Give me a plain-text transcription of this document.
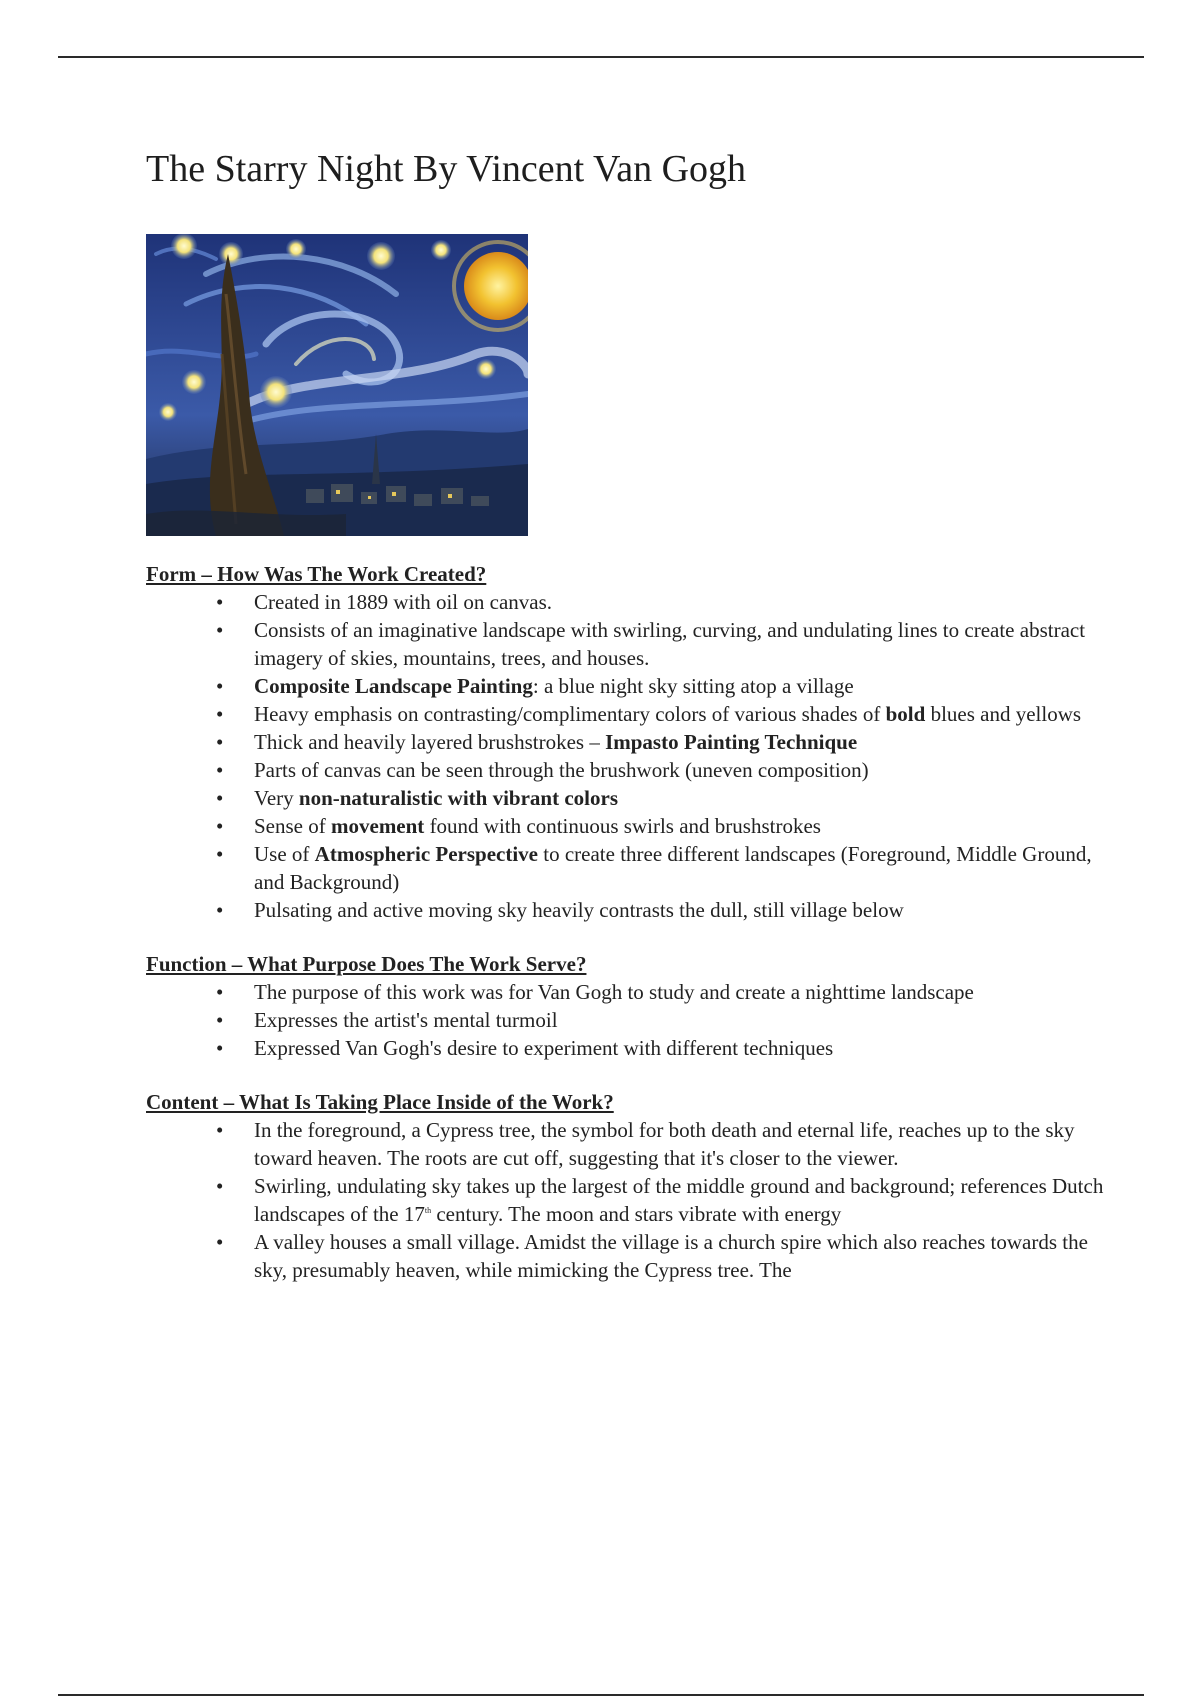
The Starry Night By Vincent Van Gogh
Form – How Was The Work Created?
• Created in 1889 with oil on canvas.
• Consists of an imaginative landscape with swirling, curving, and undulating lines to create abstract imagery of skies, mountains, trees, and houses.
• Composite Landscape Painting: a blue night sky sitting atop a village
• Heavy emphasis on contrasting/complimentary colors of various shades of bold blues and yellows
• Thick and heavily layered brushstrokes – Impasto Painting Technique
• Parts of canvas can be seen through the brushwork (uneven composition)
• Very non-naturalistic with vibrant colors
• Sense of movement found with continuous swirls and brushstrokes
• Use of Atmospheric Perspective to create three different landscapes (Foreground, Middle Ground, and Background)
• Pulsating and active moving sky heavily contrasts the dull, still village below
Function – What Purpose Does The Work Serve?
• The purpose of this work was for Van Gogh to study and create a nighttime landscape
• Expresses the artist's mental turmoil
• Expressed Van Gogh's desire to experiment with different techniques
Content – What Is Taking Place Inside of the Work?
• In the foreground, a Cypress tree, the symbol for both death and eternal life, reaches up to the sky toward heaven. The roots are cut off, suggesting that it's closer to the viewer.
• Swirling, undulating sky takes up the largest of the middle ground and background; references Dutch landscapes of the 17th century. The moon and stars vibrate with energy
• A valley houses a small village. Amidst the village is a church spire which also reaches towards the sky, presumably heaven, while mimicking the Cypress tree. The
